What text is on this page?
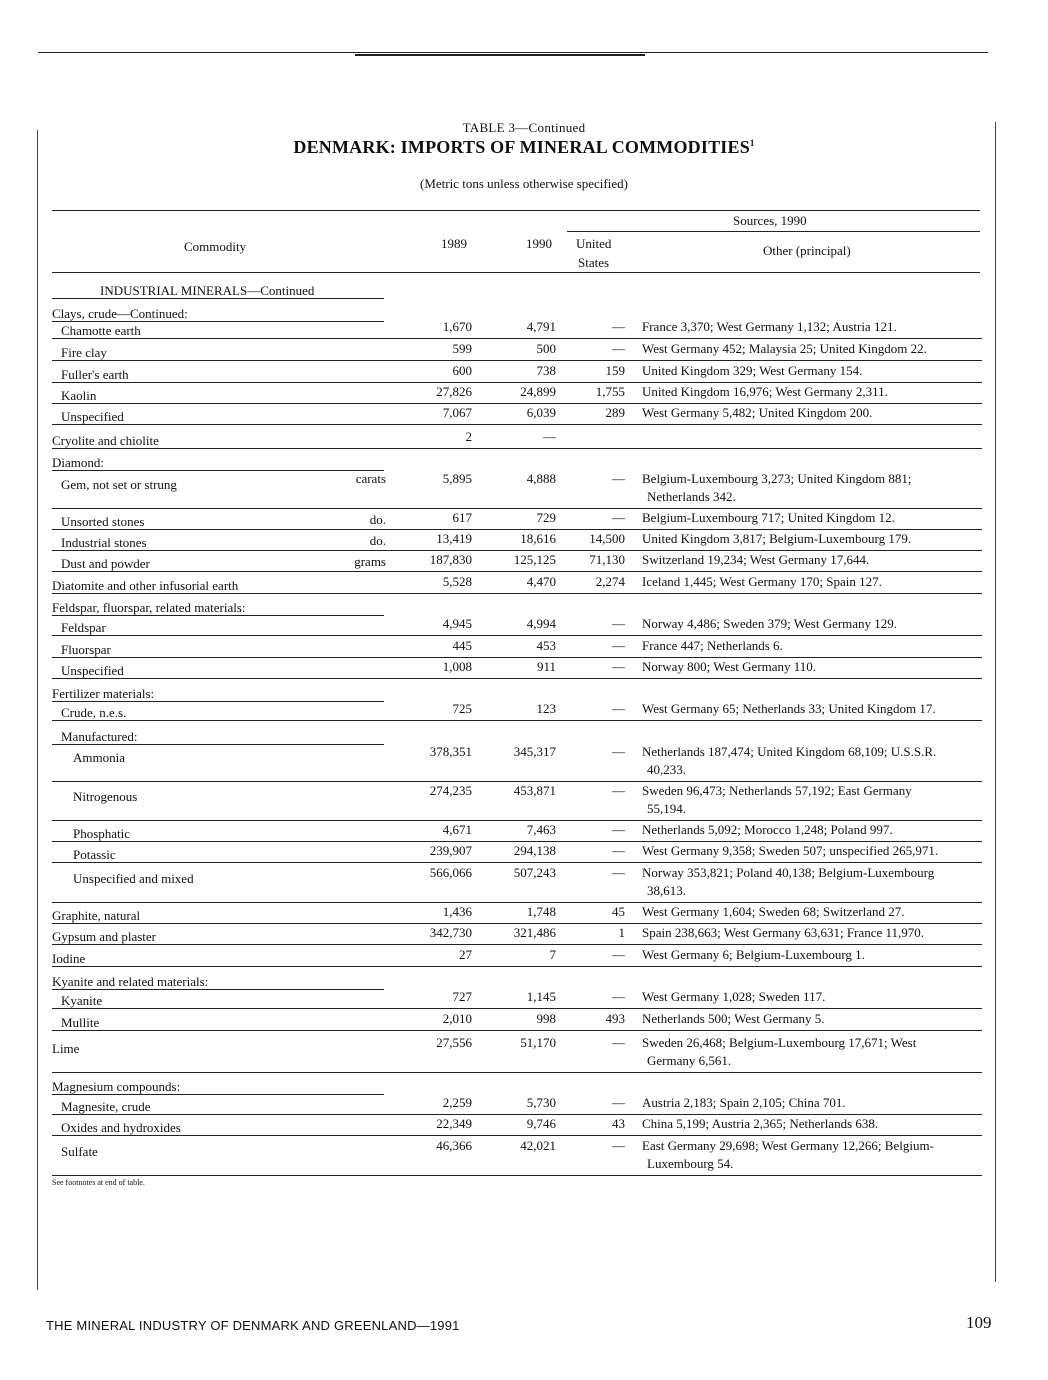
TABLE 3—Continued
DENMARK: IMPORTS OF MINERAL COMMODITIES$^1$
(Metric tons unless otherwise specified)
Sources, 1990
Commodity	1989	1990 United
States
Other (principal)
INDUSTRIAL MINERALS—Continued
Clays, crude—Continued:
Chamotte earth	1,670	4,791	— France 3,370; West Germany 1,132; Austria 121.
Fire clay	599	500	— West Germany 452; Malaysia 25; United Kingdom 22.
Fuller's earth	600	738	159 United Kingdom 329; West Germany 154.
Kaolin	27,826	24,899	1,755 United Kingdom 16,976; West Germany 2,311.
Unspecified	7,067	6,039	289 West Germany 5,482; United Kingdom 200.
Cryolite and chiolite	2	—
Diamond:
Gem, not set or strung	carats	5,895	4,888	— Belgium-Luxembourg 3,273; United Kingdom 881;
Netherlands 342.
Unsorted stones	do.	617	729	— Belgium-Luxembourg 717; United Kingdom 12.
Industrial stones	do.	13,419	18,616	14,500 United Kingdom 3,817; Belgium-Luxembourg 179.
Dust and powder	grams	187,830	125,125	71,130 Switzerland 19,234; West Germany 17,644.
Diatomite and other infusorial earth	5,528	4,470	2,274 Iceland 1,445; West Germany 170; Spain 127.
Feldspar, fluorspar, related materials:
Feldspar	4,945	4,994	— Norway 4,486; Sweden 379; West Germany 129.
Fluorspar	445	453	— France 447; Netherlands 6.
Unspecified	1,008	911	— Norway 800; West Germany 110.
Fertilizer materials:
Crude, n.e.s.	725	123	— West Germany 65; Netherlands 33; United Kingdom 17.
Manufactured:
Ammonia	378,351	345,317	— Netherlands 187,474; United Kingdom 68,109; U.S.S.R.
40,233.
Nitrogenous	274,235	453,871	— Sweden 96,473; Netherlands 57,192; East Germany
55,194.
Phosphatic	4,671	7,463	— Netherlands 5,092; Morocco 1,248; Poland 997.
Potassic	239,907	294,138	— West Germany 9,358; Sweden 507; unspecified 265,971.
Unspecified and mixed	566,066	507,243	— Norway 353,821; Poland 40,138; Belgium-Luxembourg
38,613.
Graphite, natural	1,436	1,748	45 West Germany 1,604; Sweden 68; Switzerland 27.
Gypsum and plaster	342,730	321,486	1 Spain 238,663; West Germany 63,631; France 11,970.
Iodine	27	7	— West Germany 6; Belgium-Luxembourg 1.
Kyanite and related materials:
Kyanite	727	1,145	— West Germany 1,028; Sweden 117.
Mullite	2,010	998	493 Netherlands 500; West Germany 5.
Lime	27,556	51,170	— Sweden 26,468; Belgium-Luxembourg 17,671; West
Germany 6,561.
Magnesium compounds:
Magnesite, crude	2,259	5,730	— Austria 2,183; Spain 2,105; China 701.
Oxides and hydroxides	22,349	9,746	43 China 5,199; Austria 2,365; Netherlands 638.
Sulfate	46,366	42,021	— East Germany 29,698; West Germany 12,266; Belgium-
Luxembourg 54.
See footnotes at end of table.
THE MINERAL INDUSTRY OF DENMARK AND GREENLAND—1991	109
